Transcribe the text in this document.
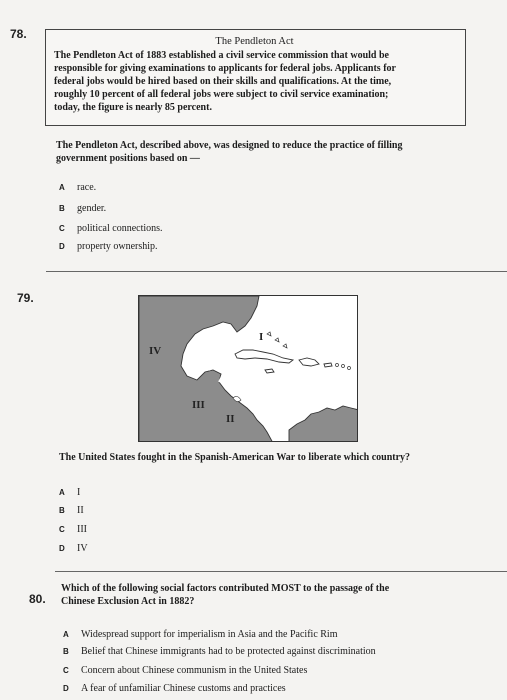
78.
The Pendleton Act
The Pendleton Act of 1883 established a civil service commission that would be
responsible for giving examinations to applicants for federal jobs. Applicants for
federal jobs would be hired based on their skills and qualifications. At the time,
roughly 10 percent of all federal jobs were subject to civil service examination;
today, the figure is nearly 85 percent.
The Pendleton Act, described above, was designed to reduce the practice of filling
government positions based on —
A race.
B gender.
C political connections.
D property ownership.
79.
IV
I
III
II
The United States fought in the Spanish-American War to liberate which country?
A I
B II
C III
D IV
80.
Which of the following social factors contributed MOST to the passage of the
Chinese Exclusion Act in 1882?
A Widespread support for imperialism in Asia and the Pacific Rim
B Belief that Chinese immigrants had to be protected against discrimination
C Concern about Chinese communism in the United States
D A fear of unfamiliar Chinese customs and practices
